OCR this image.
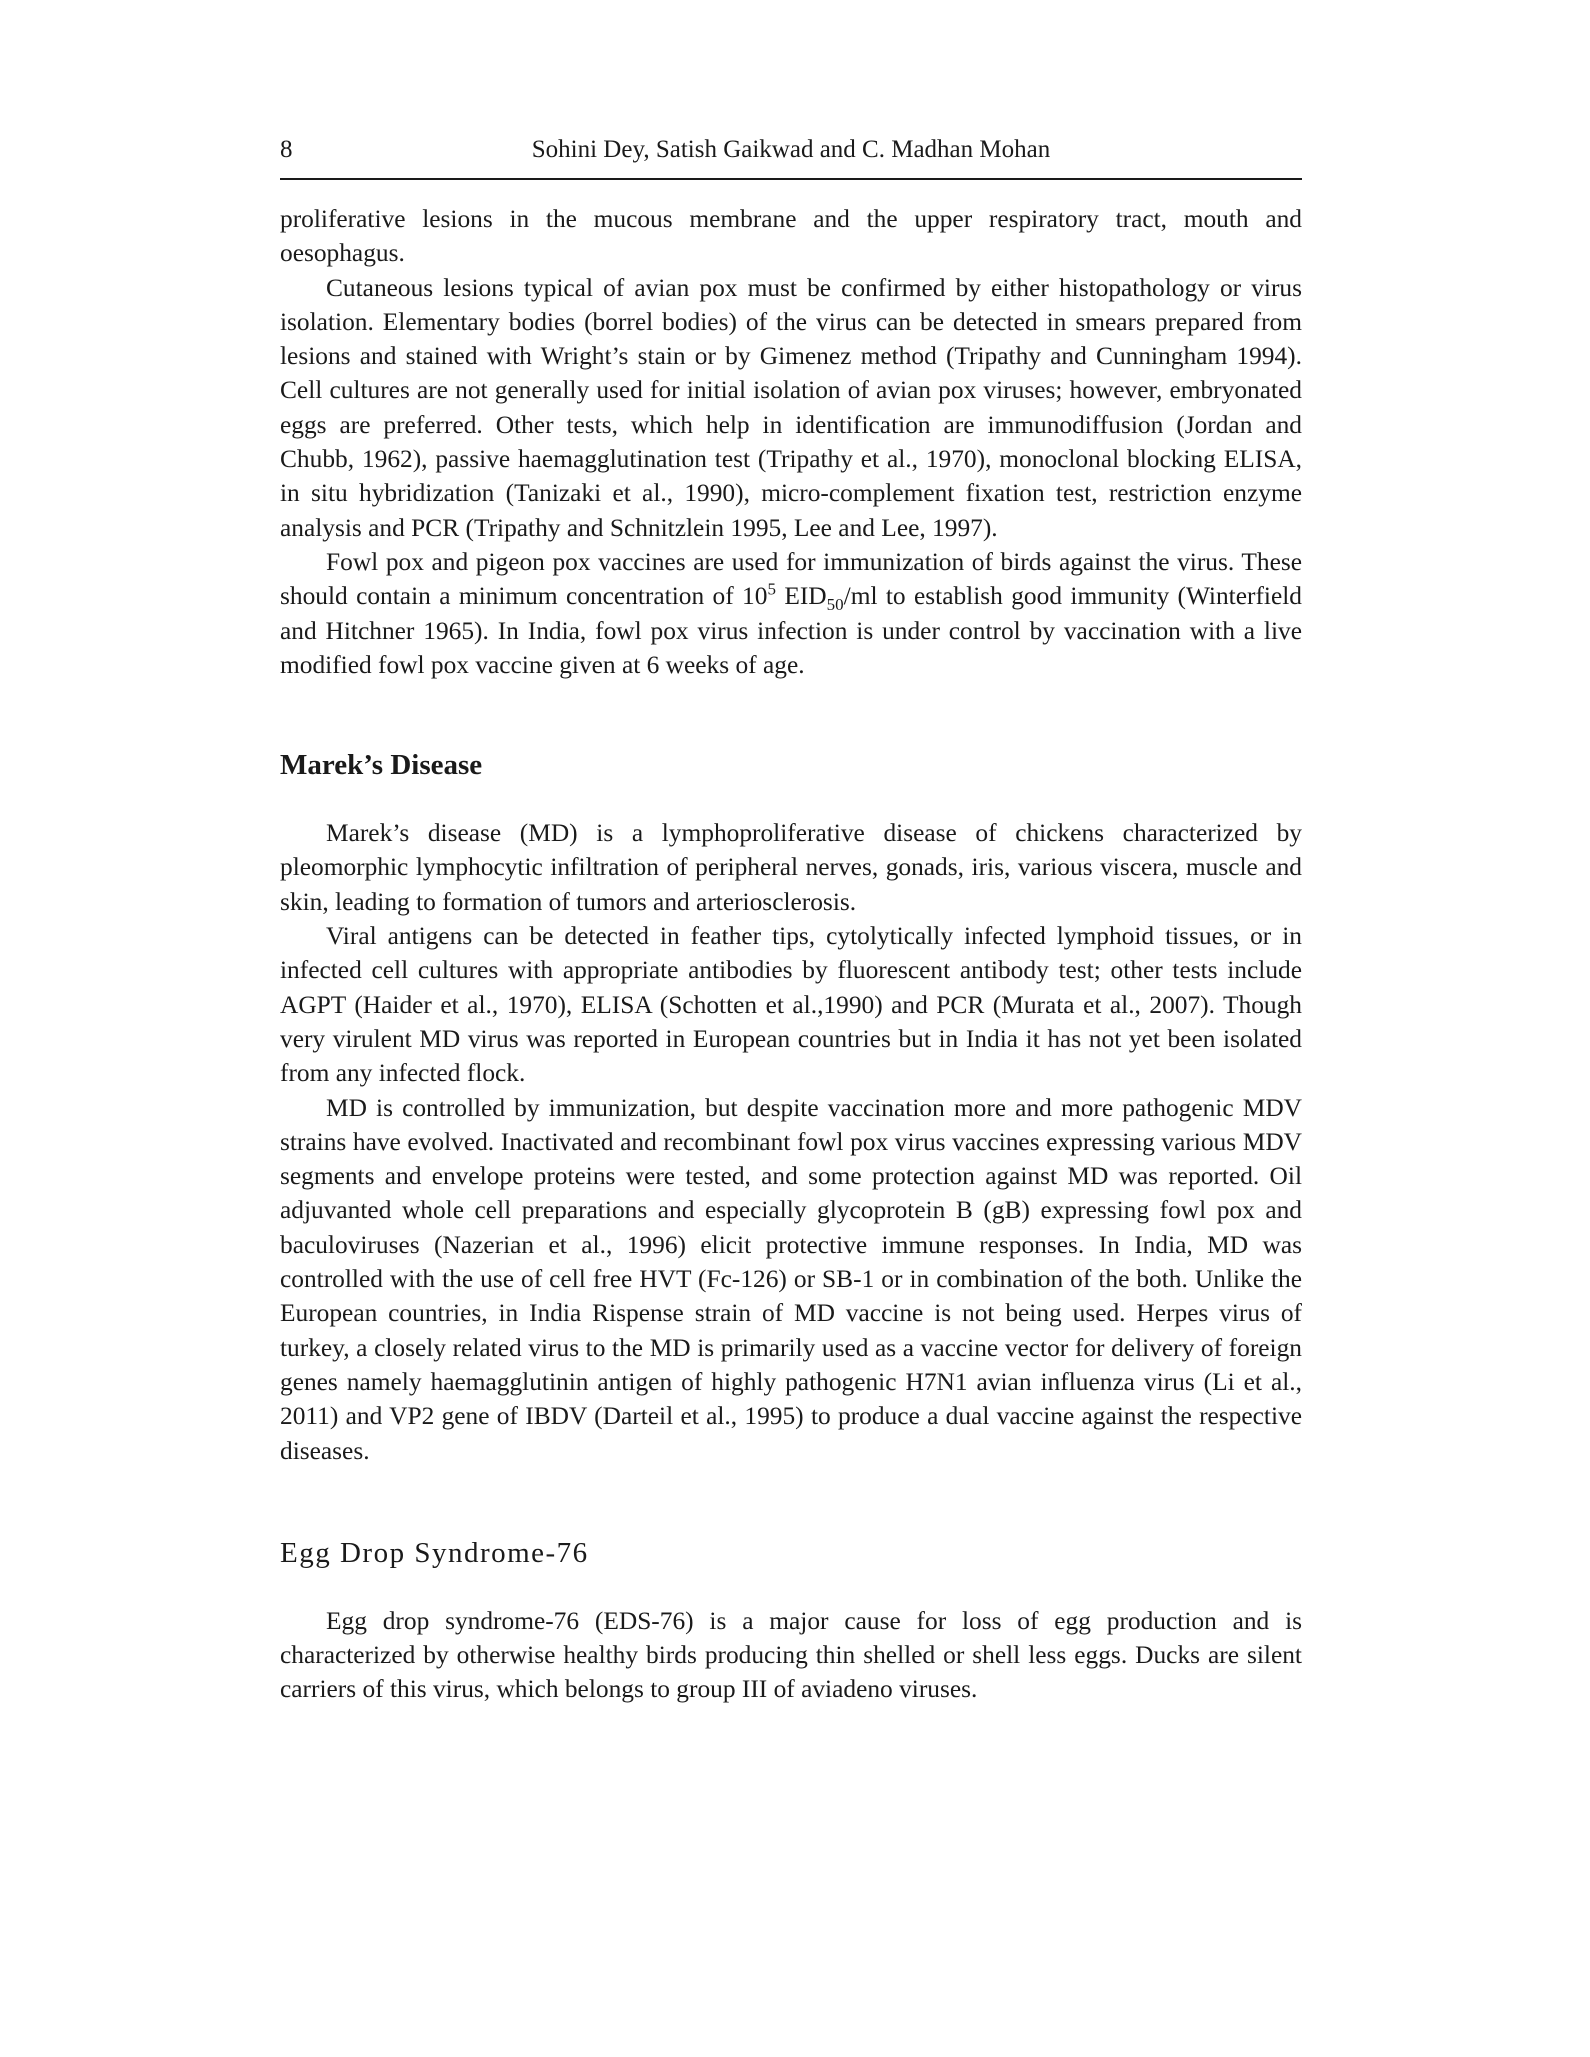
8	Sohini Dey, Satish Gaikwad and C. Madhan Mohan

proliferative lesions in the mucous membrane and the upper respiratory tract, mouth and oesophagus.

Cutaneous lesions typical of avian pox must be confirmed by either histopathology or virus isolation. Elementary bodies (borrel bodies) of the virus can be detected in smears prepared from lesions and stained with Wright’s stain or by Gimenez method (Tripathy and Cunningham 1994). Cell cultures are not generally used for initial isolation of avian pox viruses; however, embryonated eggs are preferred. Other tests, which help in identification are immunodiffusion (Jordan and Chubb, 1962), passive haemagglutination test (Tripathy et al., 1970), monoclonal blocking ELISA, in situ hybridization (Tanizaki et al., 1990), micro-complement fixation test, restriction enzyme analysis and PCR (Tripathy and Schnitzlein 1995, Lee and Lee, 1997).

Fowl pox and pigeon pox vaccines are used for immunization of birds against the virus. These should contain a minimum concentration of $10^5$ $EID_{50}/ml$ to establish good immunity (Winterfield and Hitchner 1965). In India, fowl pox virus infection is under control by vaccination with a live modified fowl pox vaccine given at 6 weeks of age.

Marek’s Disease

Marek’s disease (MD) is a lymphoproliferative disease of chickens characterized by pleomorphic lymphocytic infiltration of peripheral nerves, gonads, iris, various viscera, muscle and skin, leading to formation of tumors and arteriosclerosis.

Viral antigens can be detected in feather tips, cytolytically infected lymphoid tissues, or in infected cell cultures with appropriate antibodies by fluorescent antibody test; other tests include AGPT (Haider et al., 1970), ELISA (Schotten et al.,1990) and PCR (Murata et al., 2007). Though very virulent MD virus was reported in European countries but in India it has not yet been isolated from any infected flock.

MD is controlled by immunization, but despite vaccination more and more pathogenic MDV strains have evolved. Inactivated and recombinant fowl pox virus vaccines expressing various MDV segments and envelope proteins were tested, and some protection against MD was reported. Oil adjuvanted whole cell preparations and especially glycoprotein B (gB) expressing fowl pox and baculoviruses (Nazerian et al., 1996) elicit protective immune responses. In India, MD was controlled with the use of cell free HVT (Fc-126) or SB-1 or in combination of the both. Unlike the European countries, in India Rispense strain of MD vaccine is not being used. Herpes virus of turkey, a closely related virus to the MD is primarily used as a vaccine vector for delivery of foreign genes namely haemagglutinin antigen of highly pathogenic H7N1 avian influenza virus (Li et al., 2011) and VP2 gene of IBDV (Darteil et al., 1995) to produce a dual vaccine against the respective diseases.

Egg Drop Syndrome-76

Egg drop syndrome-76 (EDS-76) is a major cause for loss of egg production and is characterized by otherwise healthy birds producing thin shelled or shell less eggs. Ducks are silent carriers of this virus, which belongs to group III of aviadeno viruses.
